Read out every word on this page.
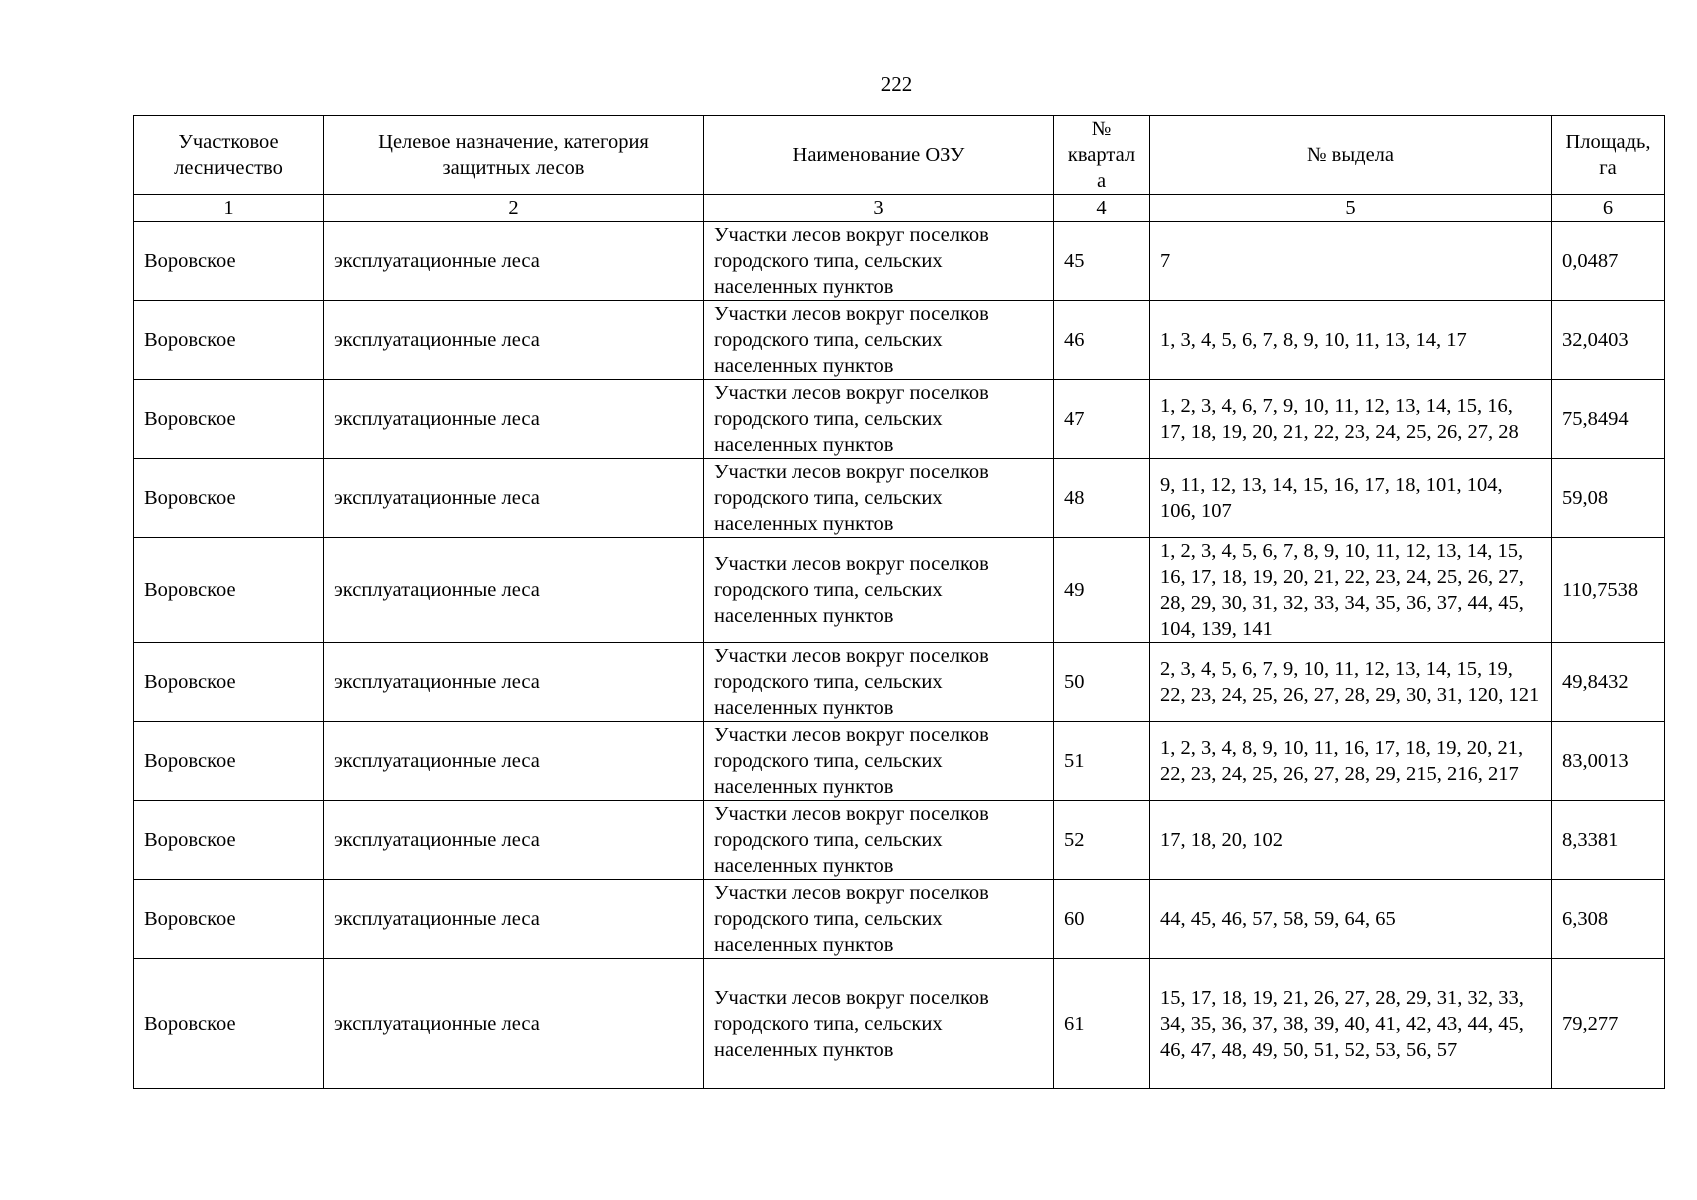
222
Участковое лесничество	Целевое назначение, категория защитных лесов	Наименование ОЗУ	№ квартал а	№ выдела	Площадь, га
1	2	3	4	5	6
Воровское	эксплуатационные леса	Участки лесов вокруг поселков городского типа, сельских населенных пунктов	45	7	0,0487
Воровское	эксплуатационные леса	Участки лесов вокруг поселков городского типа, сельских населенных пунктов	46	1, 3, 4, 5, 6, 7, 8, 9, 10, 11, 13, 14, 17	32,0403
Воровское	эксплуатационные леса	Участки лесов вокруг поселков городского типа, сельских населенных пунктов	47	1, 2, 3, 4, 6, 7, 9, 10, 11, 12, 13, 14, 15, 16, 17, 18, 19, 20, 21, 22, 23, 24, 25, 26, 27, 28	75,8494
Воровское	эксплуатационные леса	Участки лесов вокруг поселков городского типа, сельских населенных пунктов	48	9, 11, 12, 13, 14, 15, 16, 17, 18, 101, 104, 106, 107	59,08
Воровское	эксплуатационные леса	Участки лесов вокруг поселков городского типа, сельских населенных пунктов	49	1, 2, 3, 4, 5, 6, 7, 8, 9, 10, 11, 12, 13, 14, 15, 16, 17, 18, 19, 20, 21, 22, 23, 24, 25, 26, 27, 28, 29, 30, 31, 32, 33, 34, 35, 36, 37, 44, 45, 104, 139, 141	110,7538
Воровское	эксплуатационные леса	Участки лесов вокруг поселков городского типа, сельских населенных пунктов	50	2, 3, 4, 5, 6, 7, 9, 10, 11, 12, 13, 14, 15, 19, 22, 23, 24, 25, 26, 27, 28, 29, 30, 31, 120, 121	49,8432
Воровское	эксплуатационные леса	Участки лесов вокруг поселков городского типа, сельских населенных пунктов	51	1, 2, 3, 4, 8, 9, 10, 11, 16, 17, 18, 19, 20, 21, 22, 23, 24, 25, 26, 27, 28, 29, 215, 216, 217	83,0013
Воровское	эксплуатационные леса	Участки лесов вокруг поселков городского типа, сельских населенных пунктов	52	17, 18, 20, 102	8,3381
Воровское	эксплуатационные леса	Участки лесов вокруг поселков городского типа, сельских населенных пунктов	60	44, 45, 46, 57, 58, 59, 64, 65	6,308
Воровское	эксплуатационные леса	Участки лесов вокруг поселков городского типа, сельских населенных пунктов	61	15, 17, 18, 19, 21, 26, 27, 28, 29, 31, 32, 33, 34, 35, 36, 37, 38, 39, 40, 41, 42, 43, 44, 45, 46, 47, 48, 49, 50, 51, 52, 53, 56, 57	79,277
